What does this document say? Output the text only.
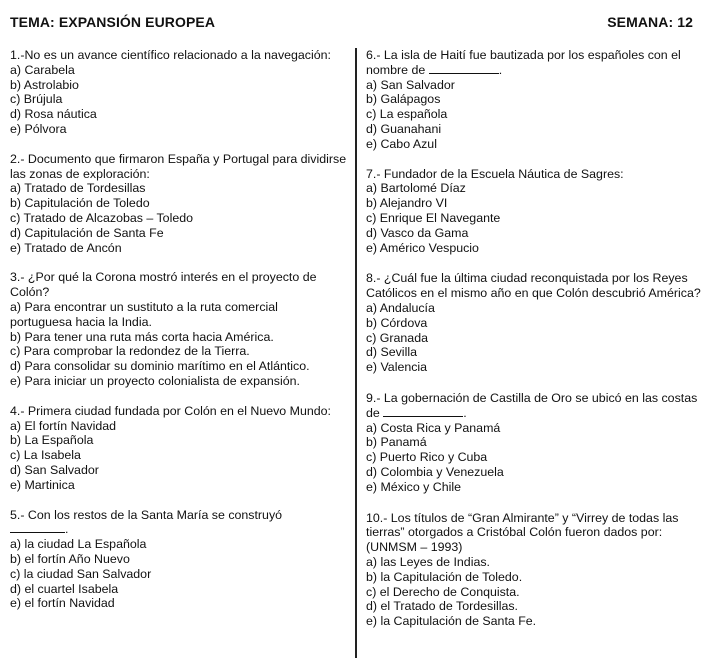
TEMA: EXPANSIÓN EUROPEA	SEMANA: 12

1.-No es un avance científico relacionado a la navegación:

a) Carabela

b) Astrolabio

c) Brújula

d) Rosa náutica

e) Pólvora

2.- Documento que firmaron España y Portugal para dividirse las zonas de exploración:

a) Tratado de Tordesillas

b) Capitulación de Toledo

c) Tratado de Alcazobas – Toledo

d) Capitulación de Santa Fe

e) Tratado de Ancón

3.- ¿Por qué la Corona mostró interés en el proyecto de Colón?

a) Para encontrar un sustituto a la ruta comercial

portuguesa hacia la India.

b) Para tener una ruta más corta hacia América.

c) Para comprobar la redondez de la Tierra.

d) Para consolidar su dominio marítimo en el Atlántico.

e) Para iniciar un proyecto colonialista de expansión.

4.- Primera ciudad fundada por Colón en el Nuevo Mundo:

a) El fortín Navidad

b) La Española

c) La Isabela

d) San Salvador

e) Martinica

5.- Con los restos de la Santa María se construyó
.

a) la ciudad La Española

b) el fortín Año Nuevo

c) la ciudad San Salvador

d) el cuartel Isabela

e) el fortín Navidad

6.- La isla de Haití fue bautizada por los españoles con el nombre de	.

a) San Salvador

b) Galápagos

c) La española

d) Guanahani

e) Cabo Azul

7.- Fundador de la Escuela Náutica de Sagres:

a) Bartolomé Díaz

b) Alejandro VI

c) Enrique El Navegante

d) Vasco da Gama

e) Américo Vespucio

8.- ¿Cuál fue la última ciudad reconquistada por los Reyes Católicos en el mismo año en que Colón descubrió América?

a) Andalucía

b) Córdova

c) Granada

d) Sevilla

e) Valencia

9.- La gobernación de Castilla de Oro se ubicó en las costas de	.

a) Costa Rica y Panamá

b) Panamá

c) Puerto Rico y Cuba

d) Colombia y Venezuela

e) México y Chile

10.- Los títulos de “Gran Almirante” y “Virrey de todas las tierras” otorgados a Cristóbal Colón fueron dados por:

(UNMSM – 1993)

a) las Leyes de Indias.

b) la Capitulación de Toledo.

c) el Derecho de Conquista.

d) el Tratado de Tordesillas.

e) la Capitulación de Santa Fe.
